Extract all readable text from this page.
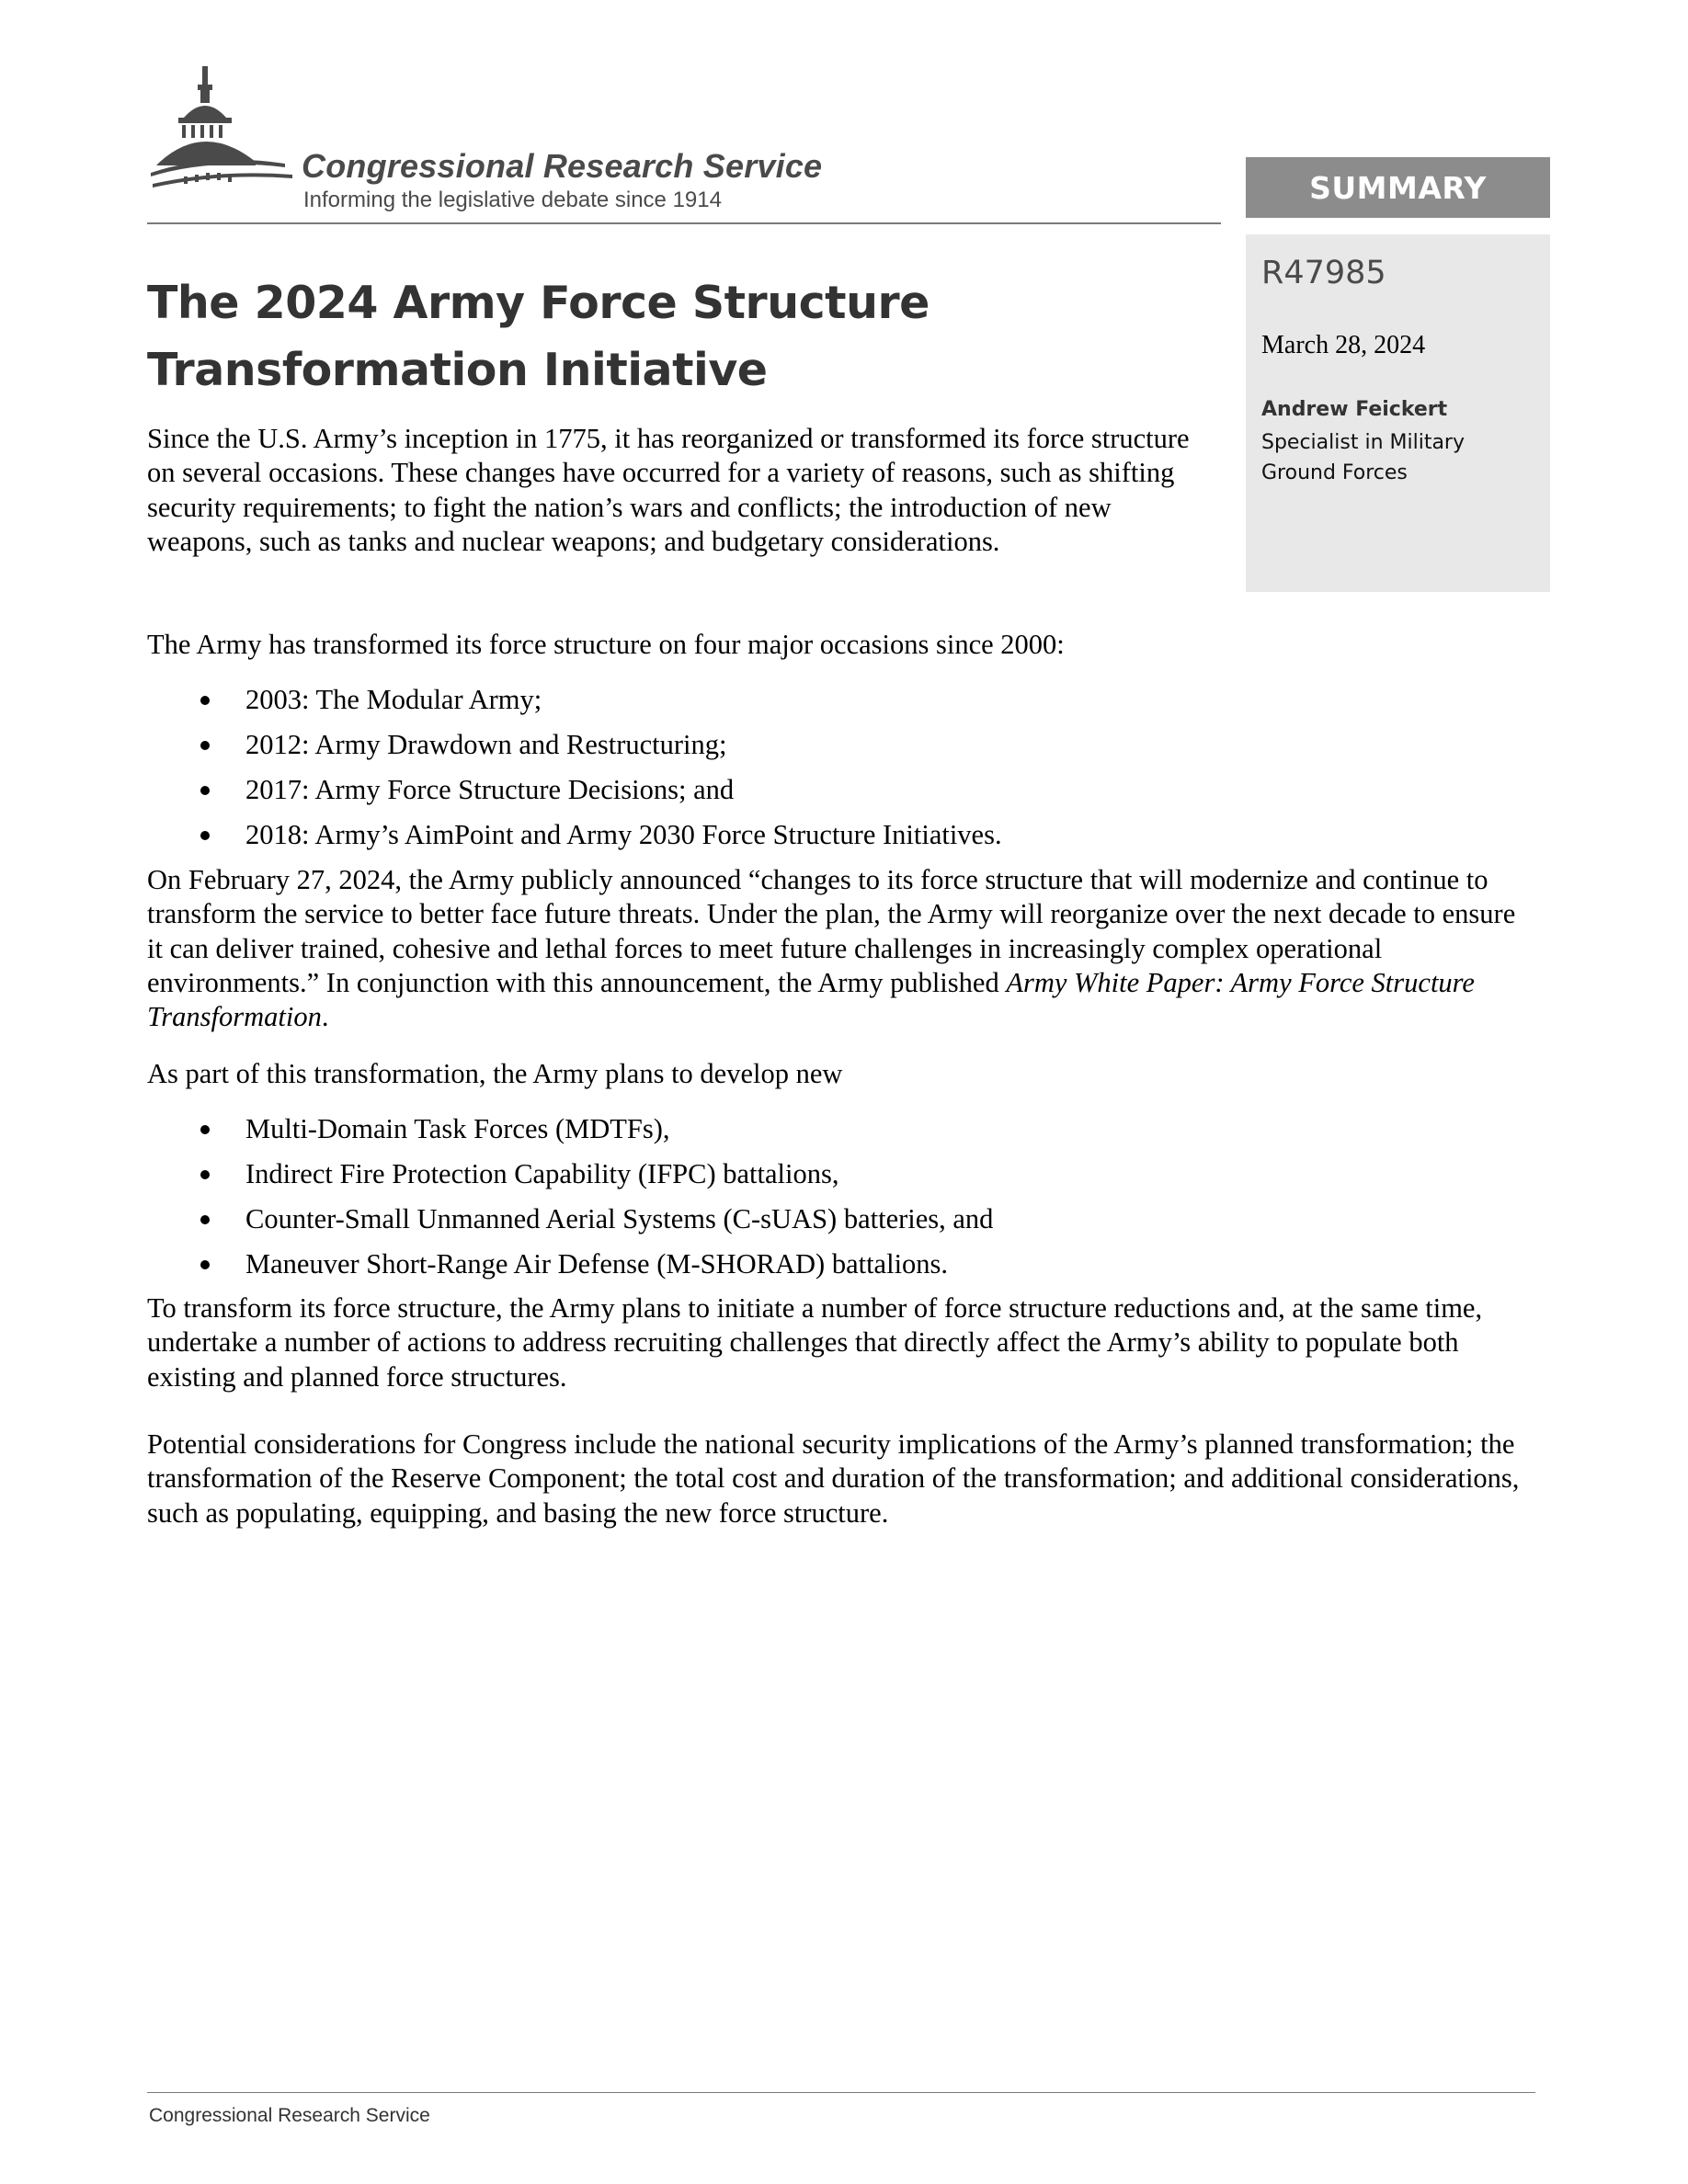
Congressional Research Service
Informing the legislative debate since 1914	SUMMARY
R47985
March 28, 2024
Andrew Feickert
Specialist in Military Ground Forces
The 2024 Army Force Structure Transformation Initiative

Since the U.S. Army’s inception in 1775, it has reorganized or transformed its force structure on several occasions. These changes have occurred for a variety of reasons, such as shifting security requirements; to fight the nation’s wars and conflicts; the introduction of new weapons, such as tanks and nuclear weapons; and budgetary considerations.

The Army has transformed its force structure on four major occasions since 2000:

2003: The Modular Army;
2012: Army Drawdown and Restructuring;
2017: Army Force Structure Decisions; and
2018: Army’s AimPoint and Army 2030 Force Structure Initiatives.

On February 27, 2024, the Army publicly announced “changes to its force structure that will modernize and continue to transform the service to better face future threats. Under the plan, the Army will reorganize over the next decade to ensure it can deliver trained, cohesive and lethal forces to meet future challenges in increasingly complex operational environments.” In conjunction with this announcement, the Army published Army White Paper: Army Force Structure Transformation.

As part of this transformation, the Army plans to develop new

Multi-Domain Task Forces (MDTFs),
Indirect Fire Protection Capability (IFPC) battalions,
Counter-Small Unmanned Aerial Systems (C-sUAS) batteries, and
Maneuver Short-Range Air Defense (M-SHORAD) battalions.

To transform its force structure, the Army plans to initiate a number of force structure reductions and, at the same time, undertake a number of actions to address recruiting challenges that directly affect the Army’s ability to populate both existing and planned force structures.

Potential considerations for Congress include the national security implications of the Army’s planned transformation; the transformation of the Reserve Component; the total cost and duration of the transformation; and additional considerations, such as populating, equipping, and basing the new force structure.

Congressional Research Service
